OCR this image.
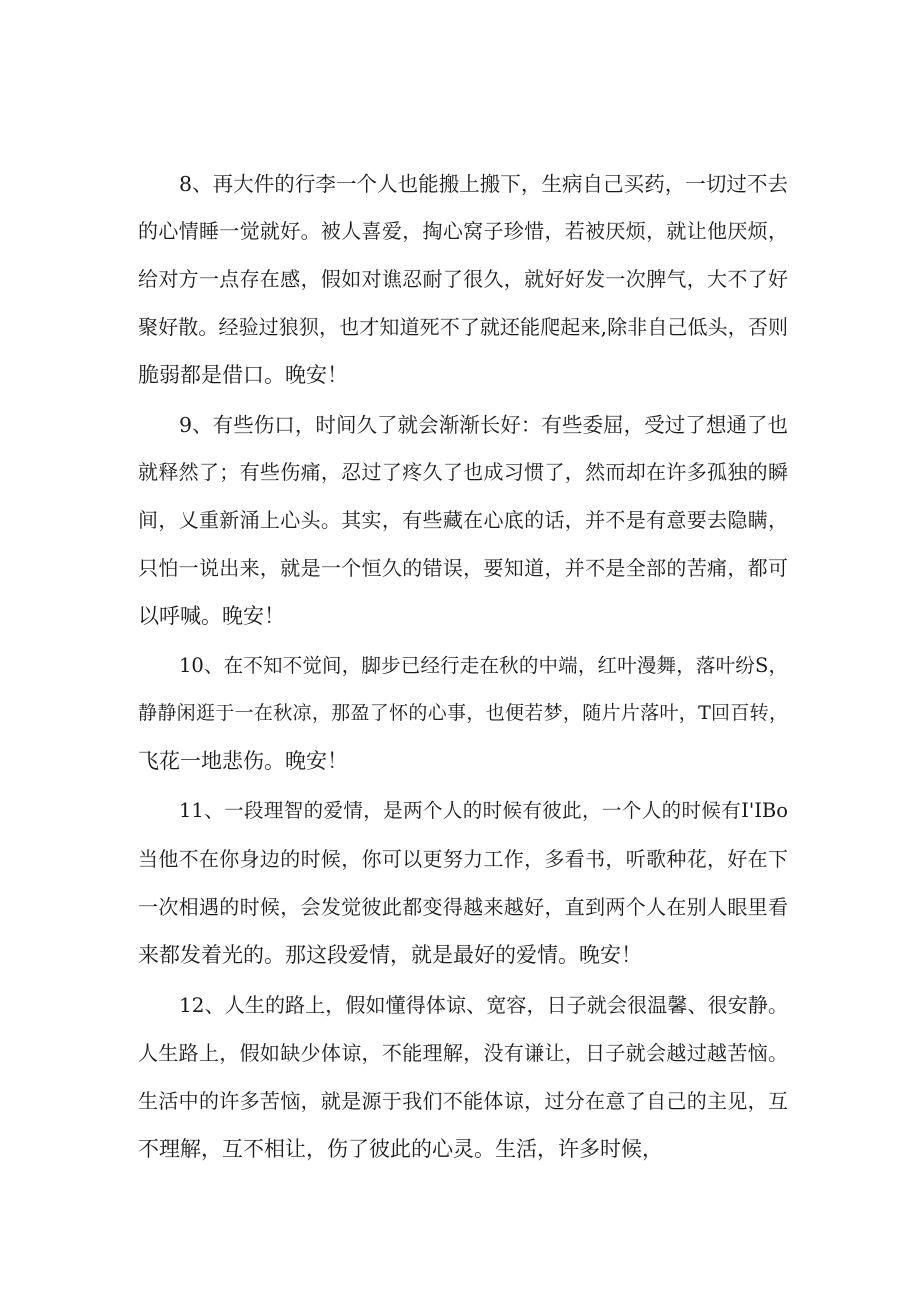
8、再大件的行李一个人也能搬上搬下，生病自己买药，一切过不去
的心情睡一觉就好。被人喜爱，掏心窝子珍惜，若被厌烦，就让他厌烦，
给对方一点存在感，假如对谯忍耐了很久，就好好发一次脾气，大不了好
聚好散。经验过狼狈，也才知道死不了就还能爬起来,除非自己低头，否则
脆弱都是借口。晚安！
9、有些伤口，时间久了就会渐渐长好：有些委屈，受过了想通了也
就释然了；有些伤痛，忍过了疼久了也成习惯了，然而却在许多孤独的瞬
间，乂重新涌上心头。其实，有些藏在心底的话，并不是有意要去隐瞒，
只怕一说出来，就是一个恒久的错误，要知道，并不是全部的苦痛，都可
以呼喊。晚安！
10、在不知不觉间，脚步已经行走在秋的中端，红叶漫舞，落叶纷S，
静静闲逛于一在秋凉，那盈了怀的心事，也便若梦，随片片落叶，T回百转，
飞花一地悲伤。晚安！
11、一段理智的爱情，是两个人的时候有彼此，一个人的时候有I'IBo
当他不在你身边的时候，你可以更努力工作，多看书，听歌种花，好在下
一次相遇的时候，会发觉彼此都变得越来越好，直到两个人在别人眼里看
来都发着光的。那这段爱情，就是最好的爱情。晚安！
12、人生的路上，假如懂得体谅、宽容，日子就会很温馨、很安静。
人生路上，假如缺少体谅，不能理解，没有谦让，日子就会越过越苦恼。
生活中的许多苦恼，就是源于我们不能体谅，过分在意了自己的主见，互
不理解，互不相让，伤了彼此的心灵。生活，许多时候，
